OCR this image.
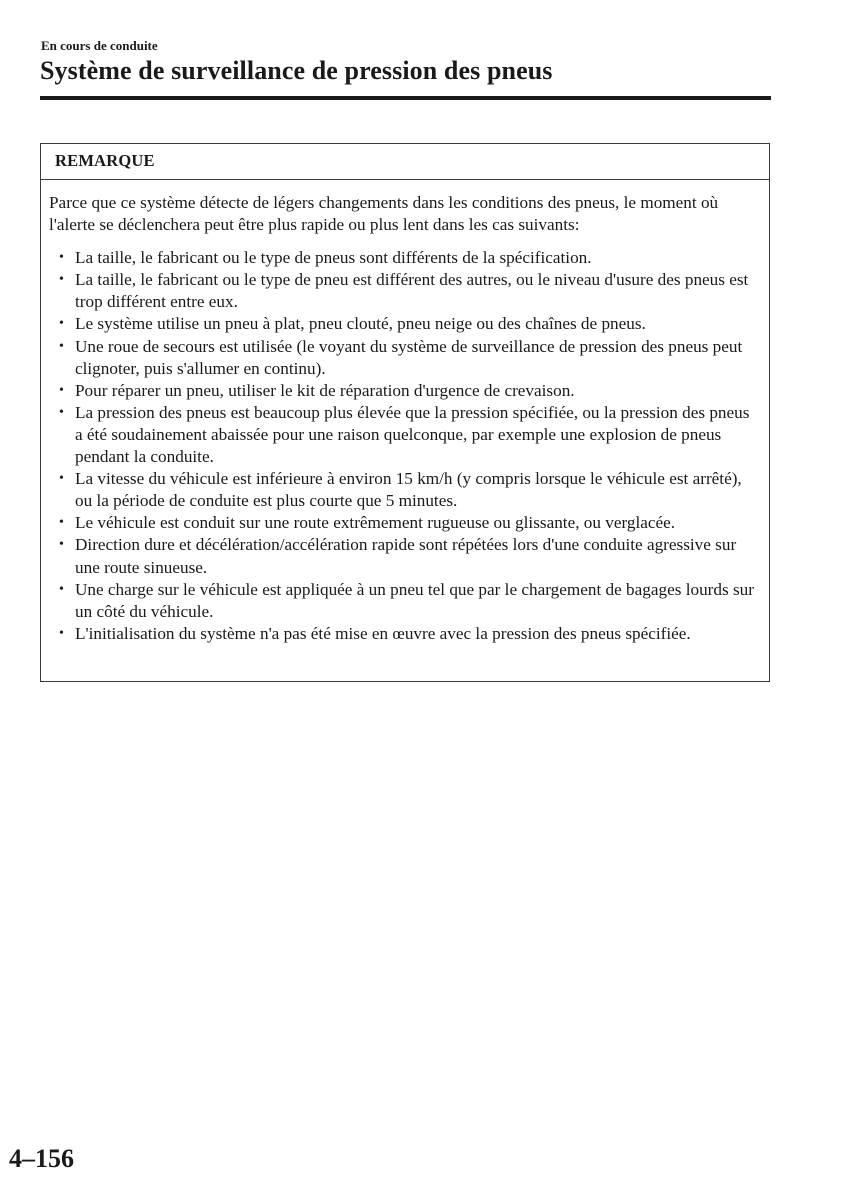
En cours de conduite
Système de surveillance de pression des pneus
REMARQUE

Parce que ce système détecte de légers changements dans les conditions des pneus, le moment où l'alerte se déclenchera peut être plus rapide ou plus lent dans les cas suivants:

• La taille, le fabricant ou le type de pneus sont différents de la spécification.
• La taille, le fabricant ou le type de pneu est différent des autres, ou le niveau d'usure des pneus est trop différent entre eux.
• Le système utilise un pneu à plat, pneu clouté, pneu neige ou des chaînes de pneus.
• Une roue de secours est utilisée (le voyant du système de surveillance de pression des pneus peut clignoter, puis s'allumer en continu).
• Pour réparer un pneu, utiliser le kit de réparation d'urgence de crevaison.
• La pression des pneus est beaucoup plus élevée que la pression spécifiée, ou la pression des pneus a été soudainement abaissée pour une raison quelconque, par exemple une explosion de pneus pendant la conduite.
• La vitesse du véhicule est inférieure à environ 15 km/h (y compris lorsque le véhicule est arrêté), ou la période de conduite est plus courte que 5 minutes.
• Le véhicule est conduit sur une route extrêmement rugueuse ou glissante, ou verglacée.
• Direction dure et décélération/accélération rapide sont répétées lors d'une conduite agressive sur une route sinueuse.
• Une charge sur le véhicule est appliquée à un pneu tel que par le chargement de bagages lourds sur un côté du véhicule.
• L'initialisation du système n'a pas été mise en œuvre avec la pression des pneus spécifiée.
4–156
